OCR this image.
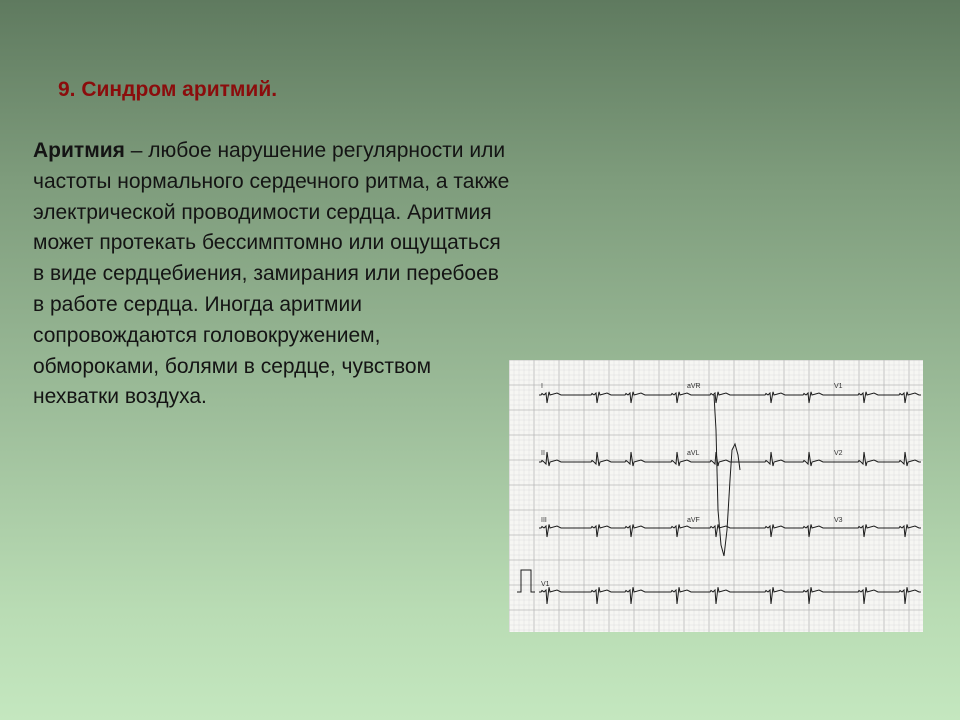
9. Синдром аритмий.

Аритмия – любое нарушение регулярности или частоты нормального сердечного ритма, а также электрической проводимости сердца. Аритмия может протекать бессимптомно или ощущаться в виде сердцебиения, замирания или перебоев в работе сердца. Иногда аритмии сопровождаются головокружением, обмороками, болями в сердце, чувством нехватки воздуха.	I	aVR	V1
II	aVL	V2
III	aVF	V3
V1
